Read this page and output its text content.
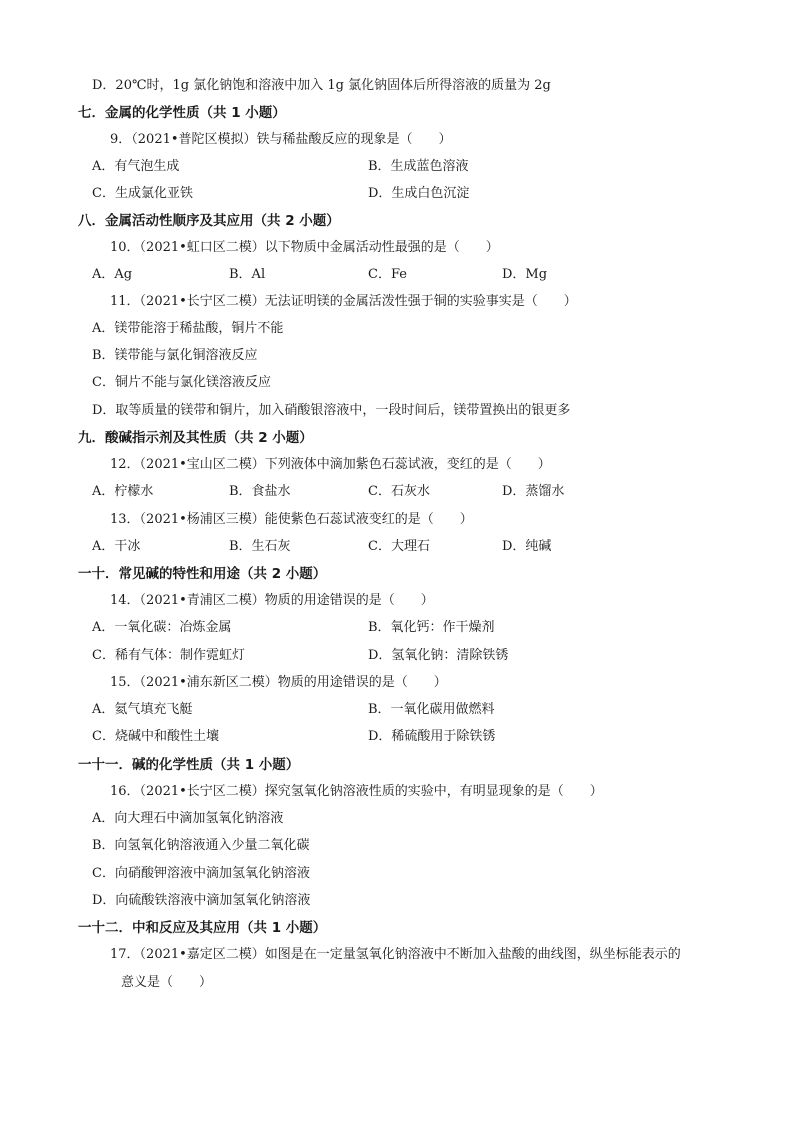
D．20℃时，1g 氯化钠饱和溶液中加入 1g 氯化钠固体后所得溶液的质量为 2g
七．金属的化学性质（共 1 小题）
9．（2021•普陀区模拟）铁与稀盐酸反应的现象是（　　）
A．有气泡生成	B．生成蓝色溶液
C．生成氯化亚铁	D．生成白色沉淀
八．金属活动性顺序及其应用（共 2 小题）
10．（2021•虹口区二模）以下物质中金属活动性最强的是（　　）
A．Ag	B．Al	C．Fe	D．Mg
11．（2021•长宁区二模）无法证明镁的金属活泼性强于铜的实验事实是（　　）
A．镁带能溶于稀盐酸，铜片不能
B．镁带能与氯化铜溶液反应
C．铜片不能与氯化镁溶液反应
D．取等质量的镁带和铜片，加入硝酸银溶液中，一段时间后，镁带置换出的银更多
九．酸碱指示剂及其性质（共 2 小题）
12．（2021•宝山区二模）下列液体中滴加紫色石蕊试液，变红的是（　　）
A．柠檬水	B．食盐水	C．石灰水	D．蒸馏水
13．（2021•杨浦区三模）能使紫色石蕊试液变红的是（　　）
A．干冰	B．生石灰	C．大理石	D．纯碱
一十．常见碱的特性和用途（共 2 小题）
14．（2021•青浦区二模）物质的用途错误的是（　　）
A．一氧化碳：冶炼金属	B．氧化钙：作干燥剂
C．稀有气体：制作霓虹灯	D．氢氧化钠：清除铁锈
15．（2021•浦东新区二模）物质的用途错误的是（　　）
A．氦气填充飞艇	B．一氧化碳用做燃料
C．烧碱中和酸性土壤	D．稀硫酸用于除铁锈
一十一．碱的化学性质（共 1 小题）
16．（2021•长宁区二模）探究氢氧化钠溶液性质的实验中，有明显现象的是（　　）
A．向大理石中滴加氢氧化钠溶液
B．向氢氧化钠溶液通入少量二氧化碳
C．向硝酸钾溶液中滴加氢氧化钠溶液
D．向硫酸铁溶液中滴加氢氧化钠溶液
一十二．中和反应及其应用（共 1 小题）
17．（2021•嘉定区二模）如图是在一定量氢氧化钠溶液中不断加入盐酸的曲线图，纵坐标能表示的
意义是（　　）
